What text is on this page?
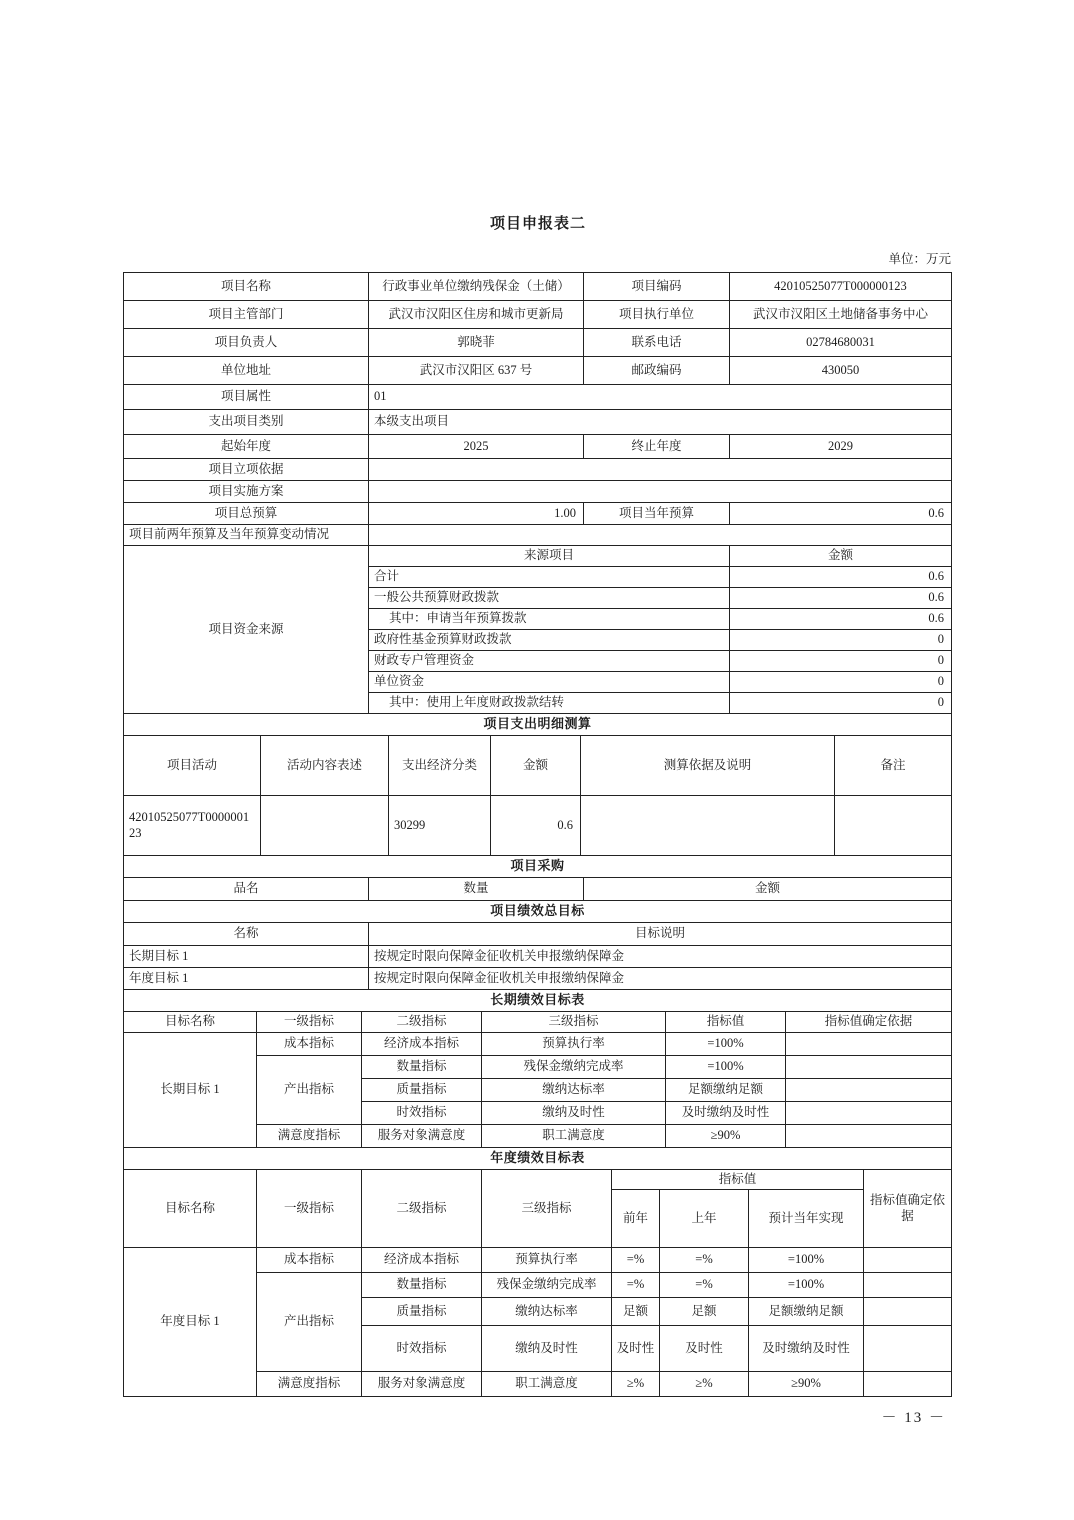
项目申报表二
单位：万元
项目名称	行政事业单位缴纳残保金（土储）	项目编码	42010525077T000000123
项目主管部门	武汉市汉阳区住房和城市更新局	项目执行单位	武汉市汉阳区土地储备事务中心
项目负责人	郭晓菲	联系电话	02784680031
单位地址	武汉市汉阳区 637 号	邮政编码	430050
项目属性	01		
支出项目类别	本级支出项目		
起始年度	2025	终止年度	2029
项目立项依据			
项目实施方案			
项目总预算	1.00	项目当年预算	0.6
项目前两年预算及当年预算变动情况			
项目资金来源	来源项目	金额
	合计	0.6
	一般公共预算财政拨款	0.6
	其中：申请当年预算拨款	0.6
	政府性基金预算财政拨款	0
	财政专户管理资金	0
	单位资金	0
	其中：使用上年度财政拨款结转	0
项目支出明细测算					
项目活动	活动内容表述	支出经济分类	金额	测算依据及说明	备注
42010525077T000000123		30299	0.6		
项目采购
品名	数量	金额
项目绩效总目标	
名称	目标说明
长期目标 1	按规定时限向保障金征收机关申报缴纳保障金
年度目标 1	按规定时限向保障金征收机关申报缴纳保障金
长期绩效目标表					
目标名称	一级指标	二级指标	三级指标	指标值	指标值确定依据
长期目标 1	成本指标	经济成本指标	预算执行率	=100%	
	产出指标	数量指标	残保金缴纳完成率	=100%	
		质量指标	缴纳达标率	足额缴纳足额	
		时效指标	缴纳及时性	及时缴纳及时性	
	满意度指标	服务对象满意度	职工满意度	≥90%	
年度绩效目标表							
目标名称	一级指标	二级指标	三级指标	指标值			指标值确定依据
				前年	上年	预计当年实现	
年度目标 1	成本指标	经济成本指标	预算执行率	=%	=%	=100%	
	产出指标	数量指标	残保金缴纳完成率	=%	=%	=100%	
		质量指标	缴纳达标率	足额	足额	足额缴纳足额	
		时效指标	缴纳及时性	及时性	及时性	及时缴纳及时性	
	满意度指标	服务对象满意度	职工满意度	≥%	≥%	≥90%	
－ 13 －
